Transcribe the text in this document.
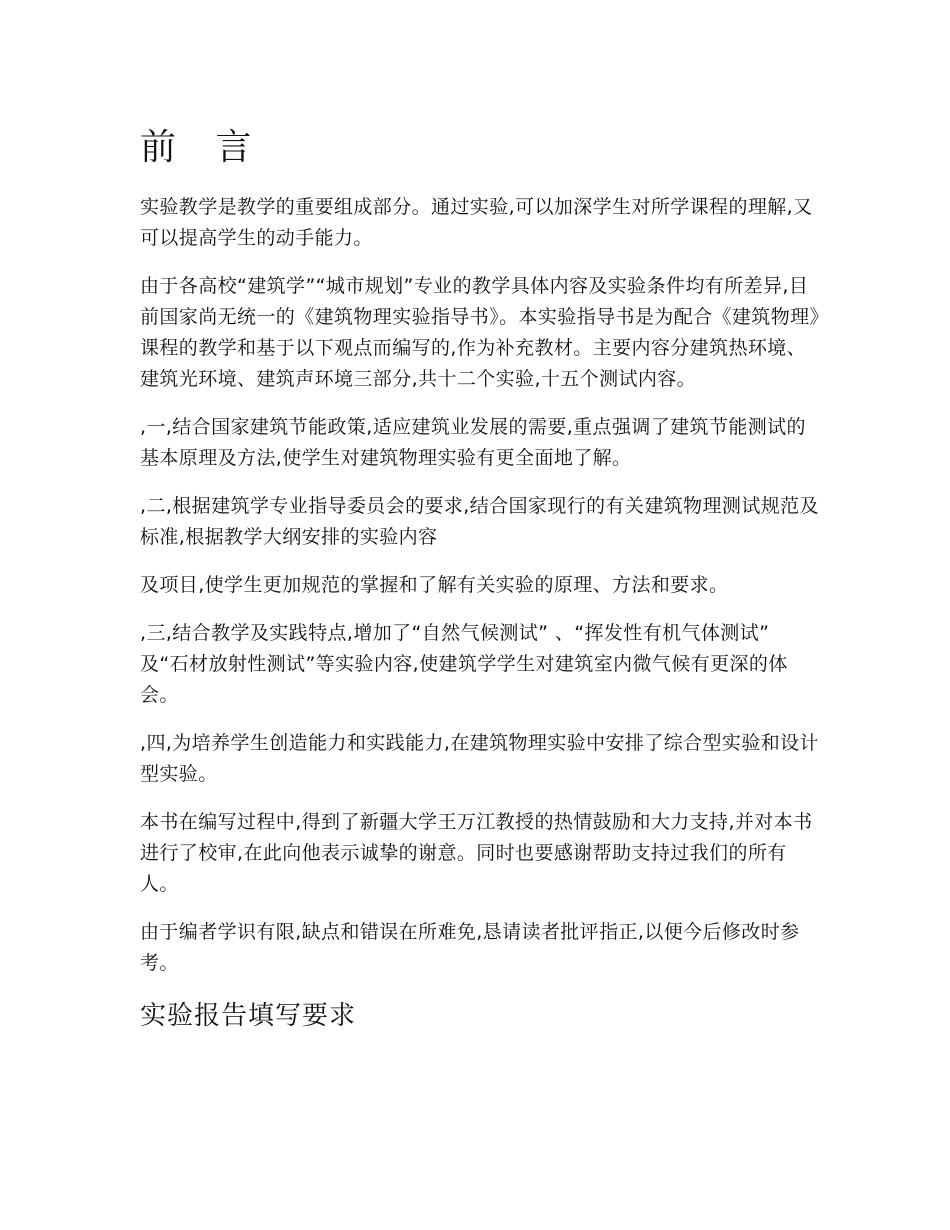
前 言

实验教学是教学的重要组成部分。通过实验,可以加深学生对所学课程的理解,又可以提高学生的动手能力。

由于各高校“建筑学”“城市规划”专业的教学具体内容及实验条件均有所差异,目前国家尚无统一的《建筑物理实验指导书》。本实验指导书是为配合《建筑物理》课程的教学和基于以下观点而编写的,作为补充教材。主要内容分建筑热环境、建筑光环境、建筑声环境三部分,共十二个实验,十五个测试内容。

,一,结合国家建筑节能政策,适应建筑业发展的需要,重点强调了建筑节能测试的基本原理及方法,使学生对建筑物理实验有更全面地了解。

,二,根据建筑学专业指导委员会的要求,结合国家现行的有关建筑物理测试规范及标准,根据教学大纲安排的实验内容

及项目,使学生更加规范的掌握和了解有关实验的原理、方法和要求。

,三,结合教学及实践特点,增加了“自然气候测试” 、“挥发性有机气体测试” 及“石材放射性测试”等实验内容,使建筑学学生对建筑室内微气候有更深的体会。

,四,为培养学生创造能力和实践能力,在建筑物理实验中安排了综合型实验和设计型实验。

本书在编写过程中,得到了新疆大学王万江教授的热情鼓励和大力支持,并对本书进行了校审,在此向他表示诚挚的谢意。同时也要感谢帮助支持过我们的所有人。

由于编者学识有限,缺点和错误在所难免,恳请读者批评指正,以便今后修改时参考。

实验报告填写要求
